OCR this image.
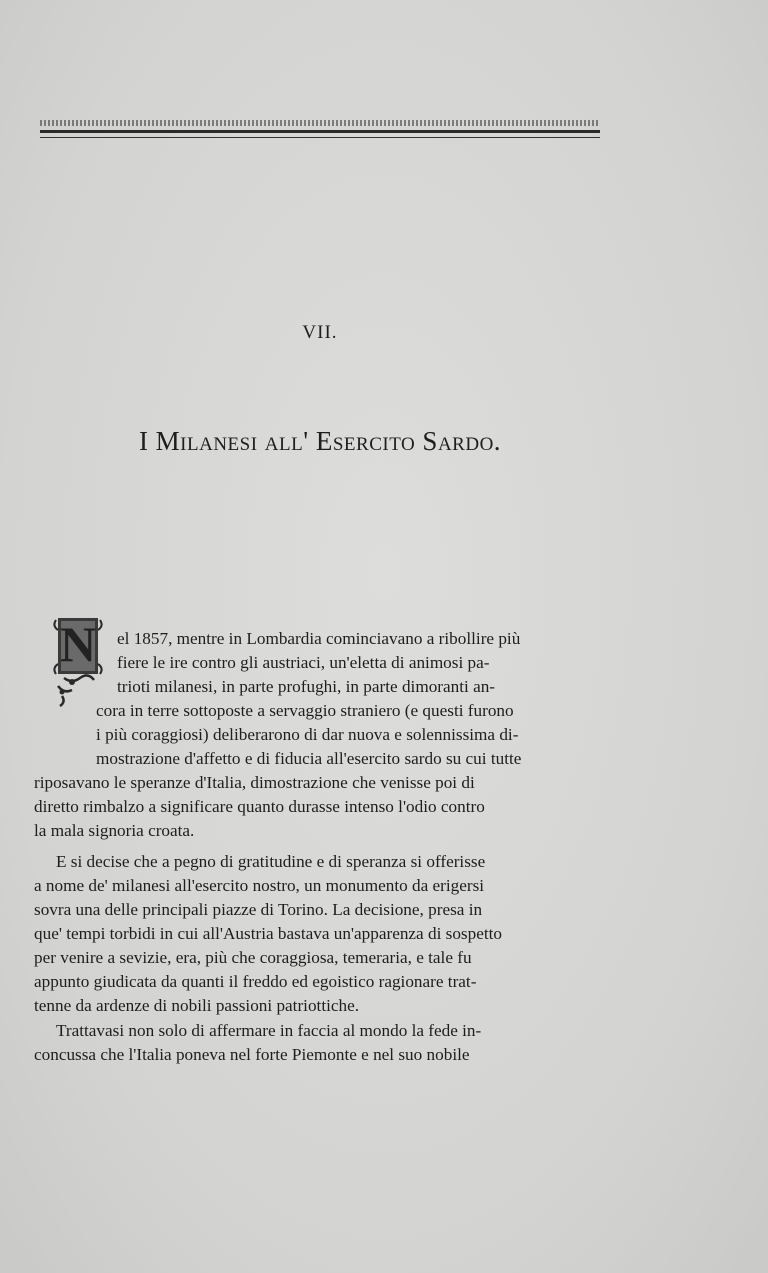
VII.
I Milanesi all' Esercito Sardo.
N el 1857, mentre in Lombardia cominciavano a ribollire più
fiere le ire contro gli austriaci, un'eletta di animosi pa-
trioti milanesi, in parte profughi, in parte dimoranti an-
cora in terre sottoposte a servaggio straniero (e questi furono
i più coraggiosi) deliberarono di dar nuova e solennissima di-
mostrazione d'affetto e di fiducia all'esercito sardo su cui tutte
riposavano le speranze d'Italia, dimostrazione che venisse poi di
diretto rimbalzo a significare quanto durasse intenso l'odio contro
la mala signoria croata.
E si decise che a pegno di gratitudine e di speranza si offerisse
a nome de' milanesi all'esercito nostro, un monumento da erigersi
sovra una delle principali piazze di Torino. La decisione, presa in
que' tempi torbidi in cui all'Austria bastava un'apparenza di sospetto
per venire a sevizie, era, più che coraggiosa, temeraria, e tale fu
appunto giudicata da quanti il freddo ed egoistico ragionare trat-
tenne da ardenze di nobili passioni patriottiche.
Trattavasi non solo di affermare in faccia al mondo la fede in-
concussa che l'Italia poneva nel forte Piemonte e nel suo nobile
